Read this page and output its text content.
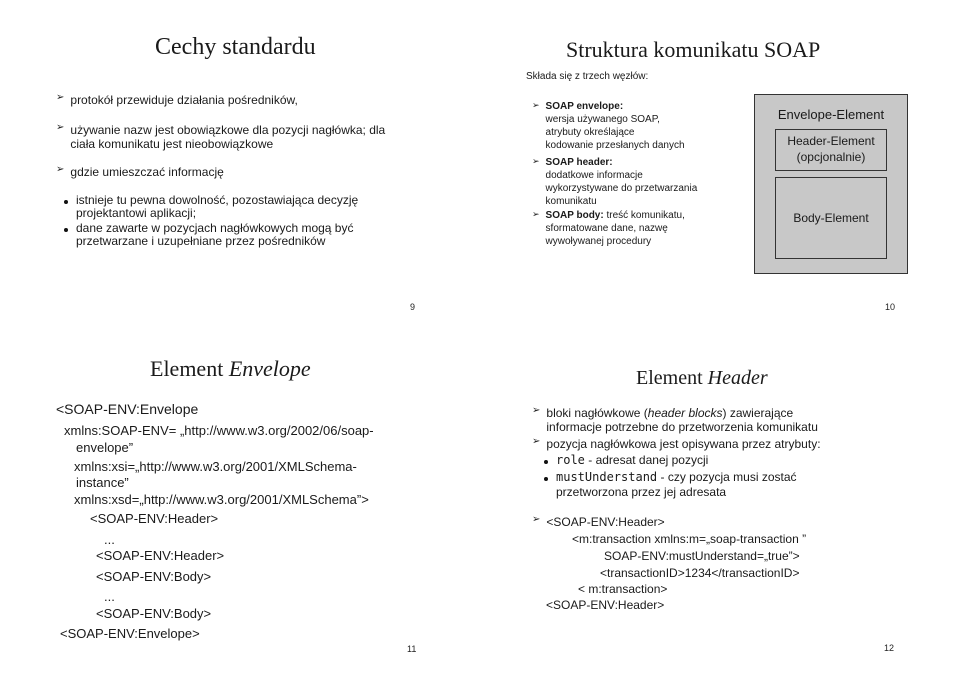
Cechy standardu
➢ protokół przewiduje działania pośredników,
➢ używanie nazw jest obowiązkowe dla pozycji nagłówka; dla
ciała komunikatu jest nieobowiązkowe
➢ gdzie umieszczać informację
istnieje tu pewna dowolność, pozostawiająca decyzję
projektantowi aplikacji;
dane zawarte w pozycjach nagłówkowych mogą być
przetwarzane i uzupełniane przez pośredników
9
Struktura komunikatu SOAP
Składa się z trzech węzłów:
➢ SOAP envelope:
wersja używanego SOAP,
atrybuty określające
kodowanie przesłanych danych
➢ SOAP header:
dodatkowe informacje
wykorzystywane do przetwarzania
komunikatu
➢ SOAP body: treść komunikatu,
sformatowane dane, nazwę
wywoływanej procedury
Envelope-Element
Header-Element
(opcjonalnie)
Body-Element
10
Element Envelope
<SOAP-ENV:Envelope
xmlns:SOAP-ENV= „http://www.w3.org/2002/06/soap-
envelope”
xmlns:xsi=„http://www.w3.org/2001/XMLSchema-
instance”
xmlns:xsd=„http://www.w3.org/2001/XMLSchema”>
<SOAP-ENV:Header>
...
<SOAP-ENV:Header>
<SOAP-ENV:Body>
...
<SOAP-ENV:Body>
<SOAP-ENV:Envelope>
11
Element Header
➢ bloki nagłówkowe (header blocks) zawierające
informacje potrzebne do przetworzenia komunikatu
➢ pozycja nagłówkowa jest opisywana przez atrybuty:
role - adresat danej pozycji
mustUnderstand - czy pozycja musi zostać
przetworzona przez jej adresata
➢ <SOAP-ENV:Header>
<m:transaction xmlns:m=„soap-transaction ”
SOAP-ENV:mustUnderstand=„true”>
<transactionID>1234</transactionID>
< m:transaction>
<SOAP-ENV:Header>
12
